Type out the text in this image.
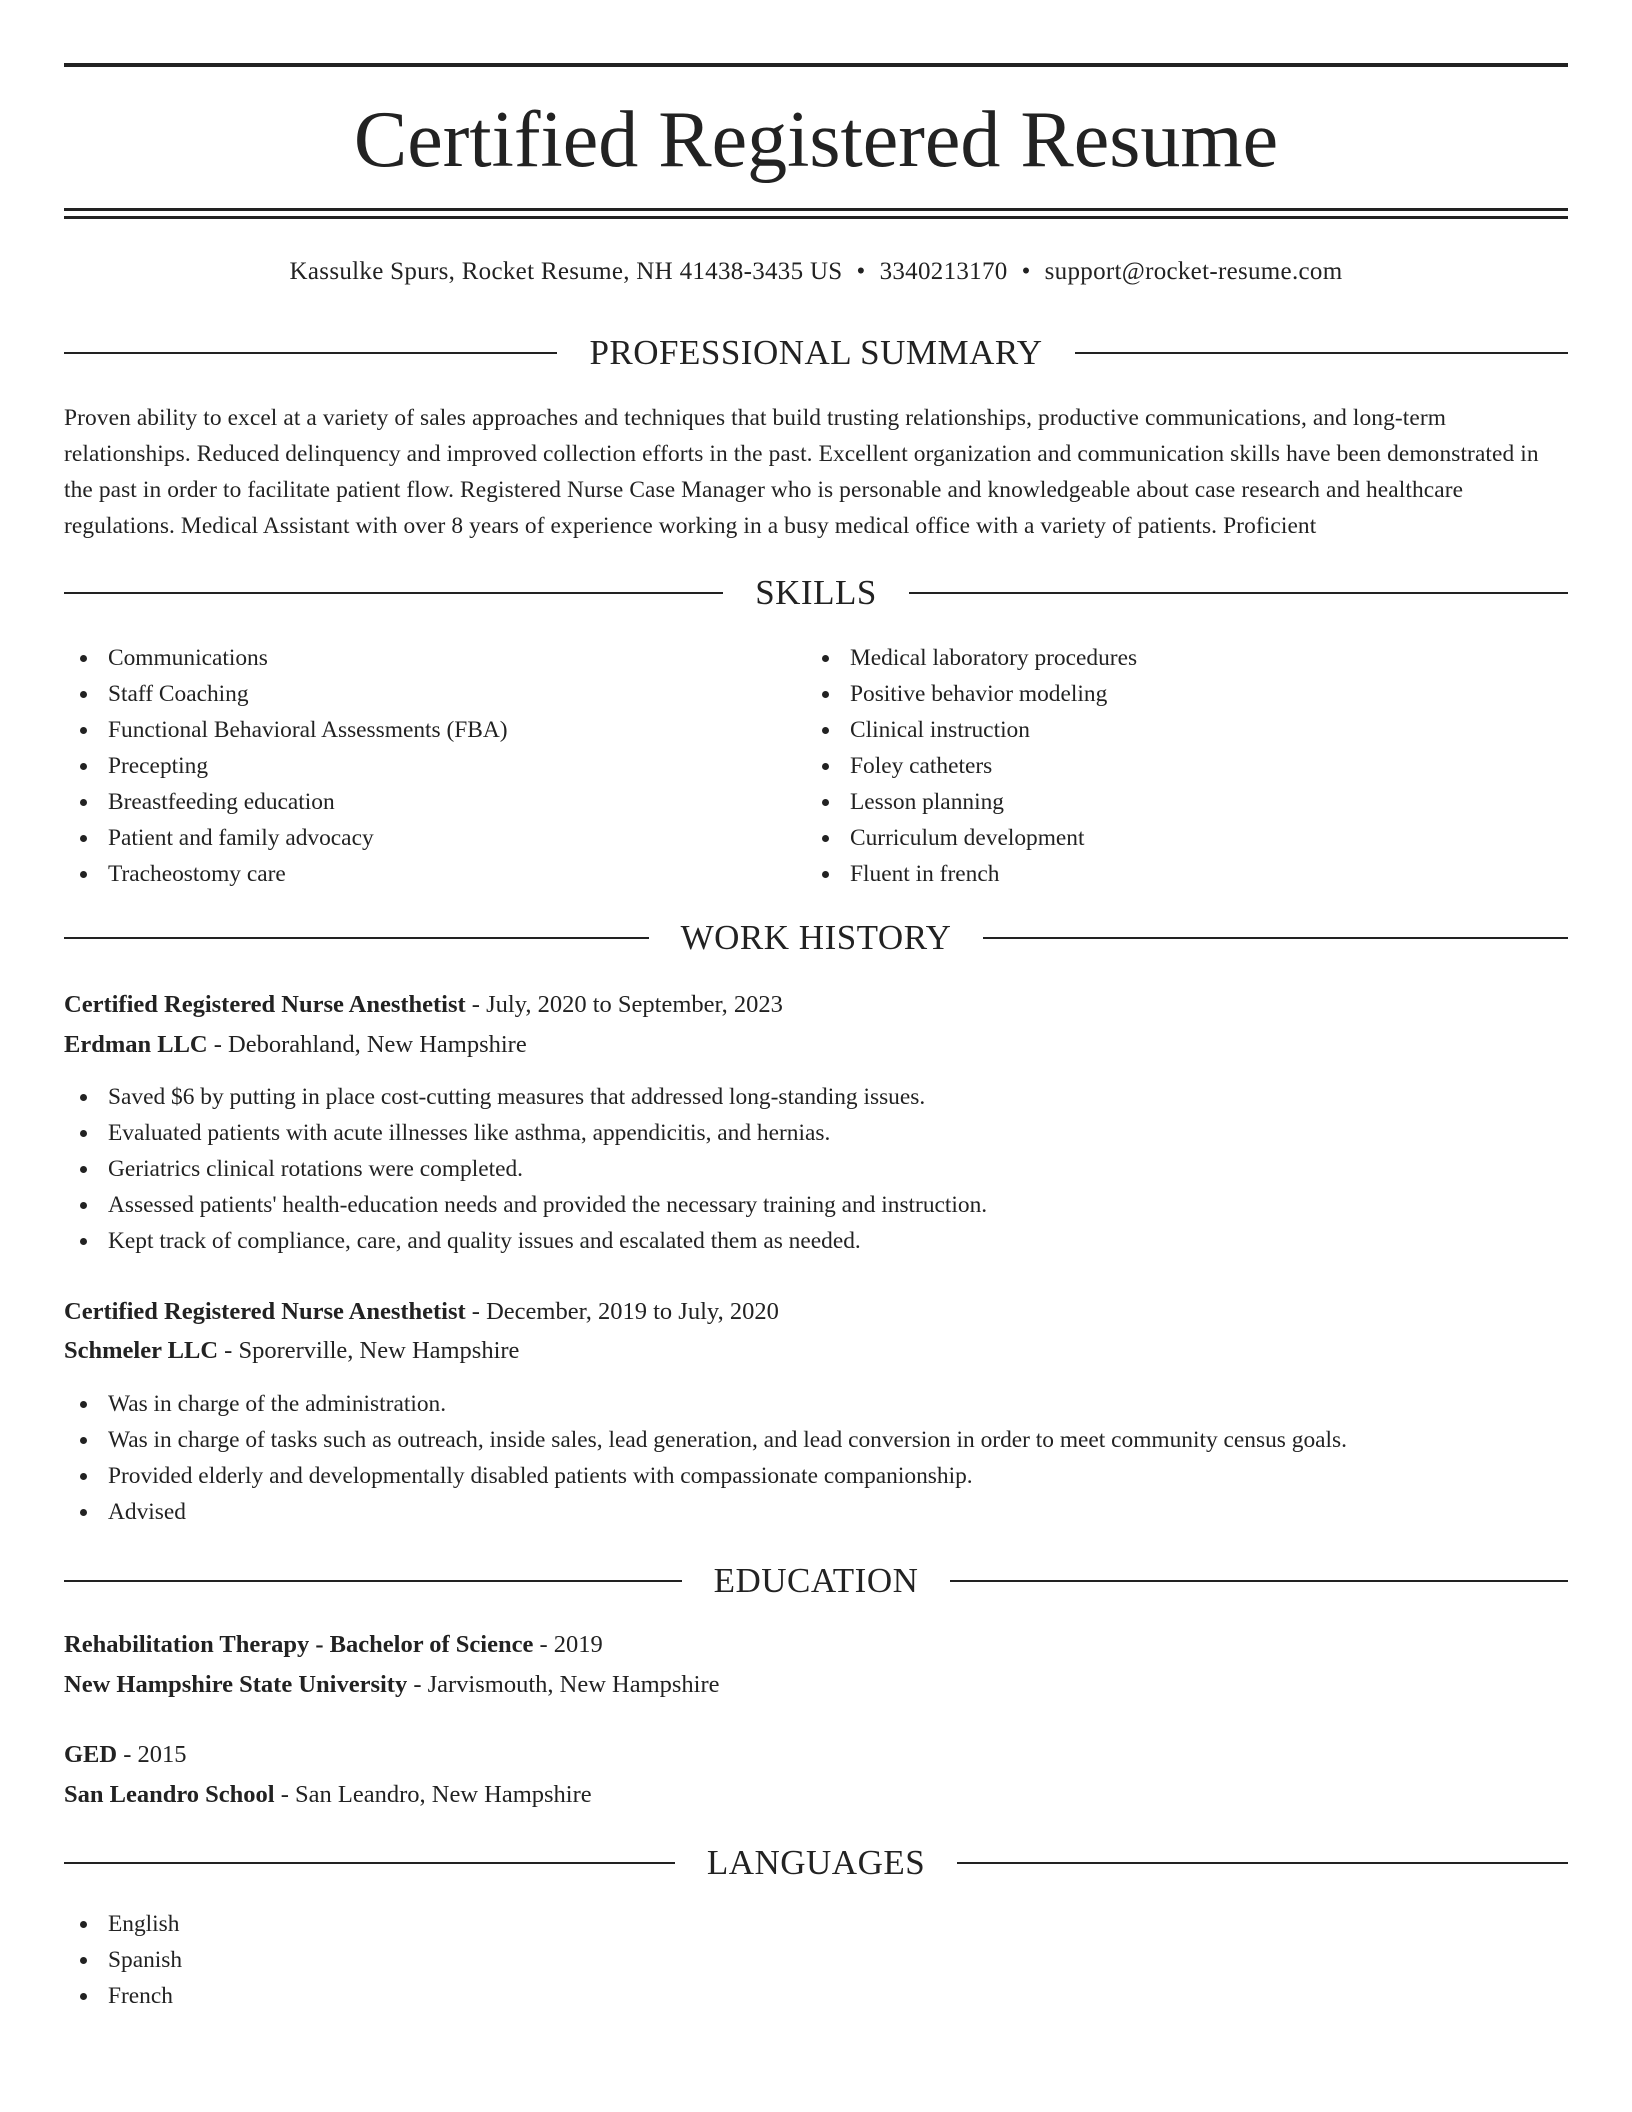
Certified Registered Resume
Kassulke Spurs, Rocket Resume, NH 41438-3435 US • 3340213170 • support@rocket-resume.com
PROFESSIONAL SUMMARY

Proven ability to excel at a variety of sales approaches and techniques that build trusting relationships, productive communications, and long-term relationships. Reduced delinquency and improved collection efforts in the past. Excellent organization and communication skills have been demonstrated in the past in order to facilitate patient flow. Registered Nurse Case Manager who is personable and knowledgeable about case research and healthcare regulations. Medical Assistant with over 8 years of experience working in a busy medical office with a variety of patients. Proficient

SKILLS
Communications
Staff Coaching
Functional Behavioral Assessments (FBA)
Precepting
Breastfeeding education
Patient and family advocacy
Tracheostomy care
Medical laboratory procedures
Positive behavior modeling
Clinical instruction
Foley catheters
Lesson planning
Curriculum development
Fluent in french
WORK HISTORY
Certified Registered Nurse Anesthetist - July, 2020 to September, 2023
Erdman LLC - Deborahland, New Hampshire
Saved $6 by putting in place cost-cutting measures that addressed long-standing issues.
Evaluated patients with acute illnesses like asthma, appendicitis, and hernias.
Geriatrics clinical rotations were completed.
Assessed patients' health-education needs and provided the necessary training and instruction.
Kept track of compliance, care, and quality issues and escalated them as needed.
Certified Registered Nurse Anesthetist - December, 2019 to July, 2020
Schmeler LLC - Sporerville, New Hampshire
Was in charge of the administration.
Was in charge of tasks such as outreach, inside sales, lead generation, and lead conversion in order to meet community census goals.
Provided elderly and developmentally disabled patients with compassionate companionship.
Advised
EDUCATION
Rehabilitation Therapy - Bachelor of Science - 2019
New Hampshire State University - Jarvismouth, New Hampshire
GED - 2015
San Leandro School - San Leandro, New Hampshire
LANGUAGES
English
Spanish
French
